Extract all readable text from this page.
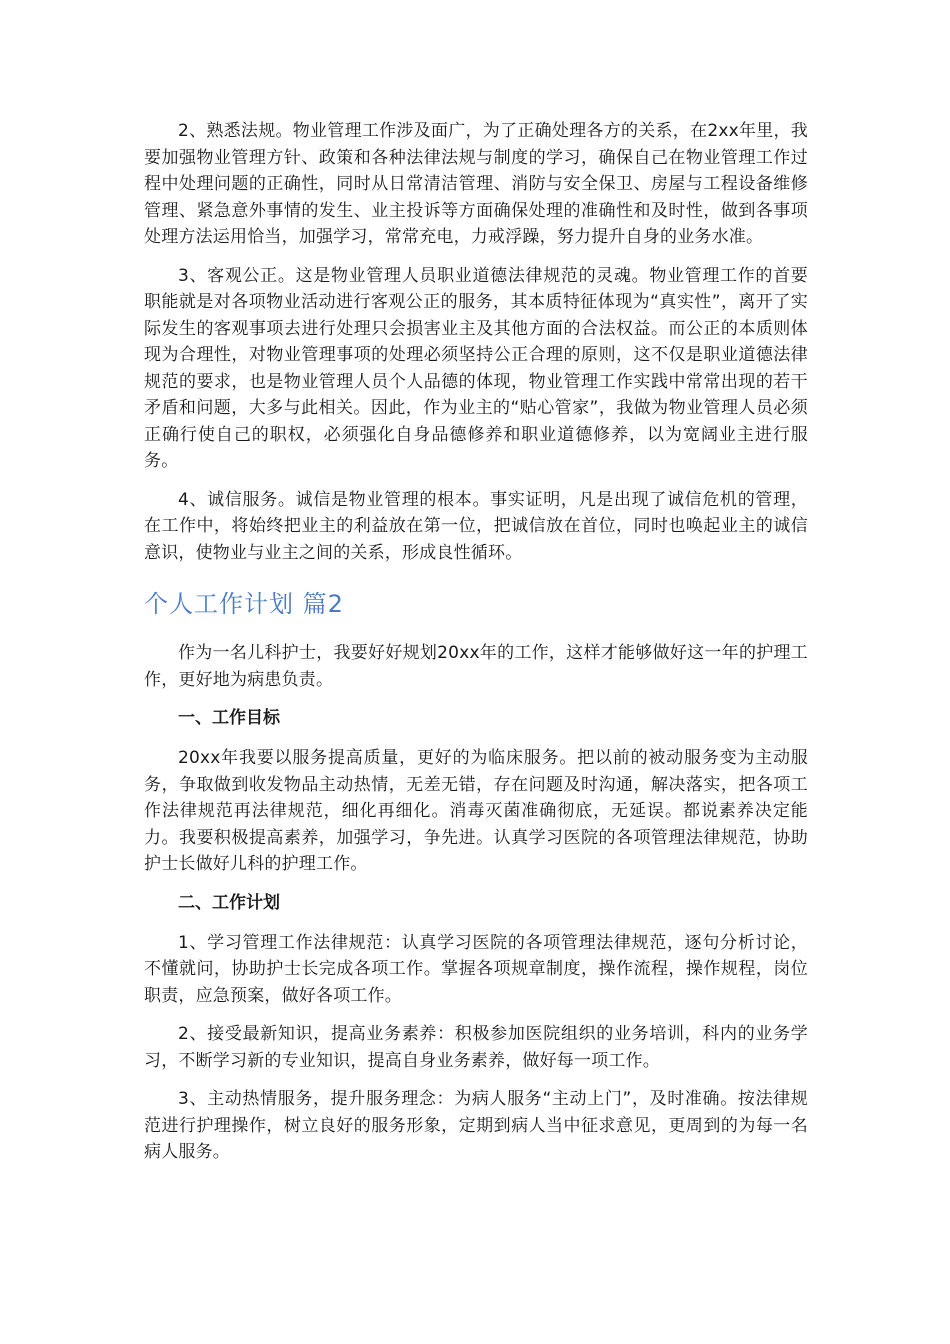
2、熟悉法规。物业管理工作涉及面广，为了正确处理各方的关系，在2xx年里，我要加强物业管理方针、政策和各种法律法规与制度的学习，确保自己在物业管理工作过程中处理问题的正确性，同时从日常清洁管理、消防与安全保卫、房屋与工程设备维修管理、紧急意外事情的发生、业主投诉等方面确保处理的准确性和及时性，做到各事项处理方法运用恰当，加强学习，常常充电，力戒浮躁，努力提升自身的业务水准。

3、客观公正。这是物业管理人员职业道德法律规范的灵魂。物业管理工作的首要职能就是对各项物业活动进行客观公正的服务，其本质特征体现为“真实性”，离开了实际发生的客观事项去进行处理只会损害业主及其他方面的合法权益。而公正的本质则体现为合理性，对物业管理事项的处理必须坚持公正合理的原则，这不仅是职业道德法律规范的要求，也是物业管理人员个人品德的体现，物业管理工作实践中常常出现的若干矛盾和问题，大多与此相关。因此，作为业主的“贴心管家”，我做为物业管理人员必须正确行使自己的职权，必须强化自身品德修养和职业道德修养，以为宽阔业主进行服务。

4、诚信服务。诚信是物业管理的根本。事实证明，凡是出现了诚信危机的管理，在工作中，将始终把业主的利益放在第一位，把诚信放在首位，同时也唤起业主的诚信意识，使物业与业主之间的关系，形成良性循环。

个人工作计划 篇2

作为一名儿科护士，我要好好规划20xx年的工作，这样才能够做好这一年的护理工作，更好地为病患负责。

一、工作目标

20xx年我要以服务提高质量，更好的为临床服务。把以前的被动服务变为主动服务，争取做到收发物品主动热情，无差无错，存在问题及时沟通，解决落实，把各项工作法律规范再法律规范，细化再细化。消毒灭菌准确彻底，无延误。都说素养决定能力。我要积极提高素养，加强学习，争先进。认真学习医院的各项管理法律规范，协助护士长做好儿科的护理工作。

二、工作计划

1、学习管理工作法律规范：认真学习医院的各项管理法律规范，逐句分析讨论，不懂就问，协助护士长完成各项工作。掌握各项规章制度，操作流程，操作规程，岗位职责，应急预案，做好各项工作。

2、接受最新知识，提高业务素养：积极参加医院组织的业务培训，科内的业务学习，不断学习新的专业知识，提高自身业务素养，做好每一项工作。

3、主动热情服务，提升服务理念：为病人服务“主动上门”，及时准确。按法律规范进行护理操作，树立良好的服务形象，定期到病人当中征求意见，更周到的为每一名病人服务。
